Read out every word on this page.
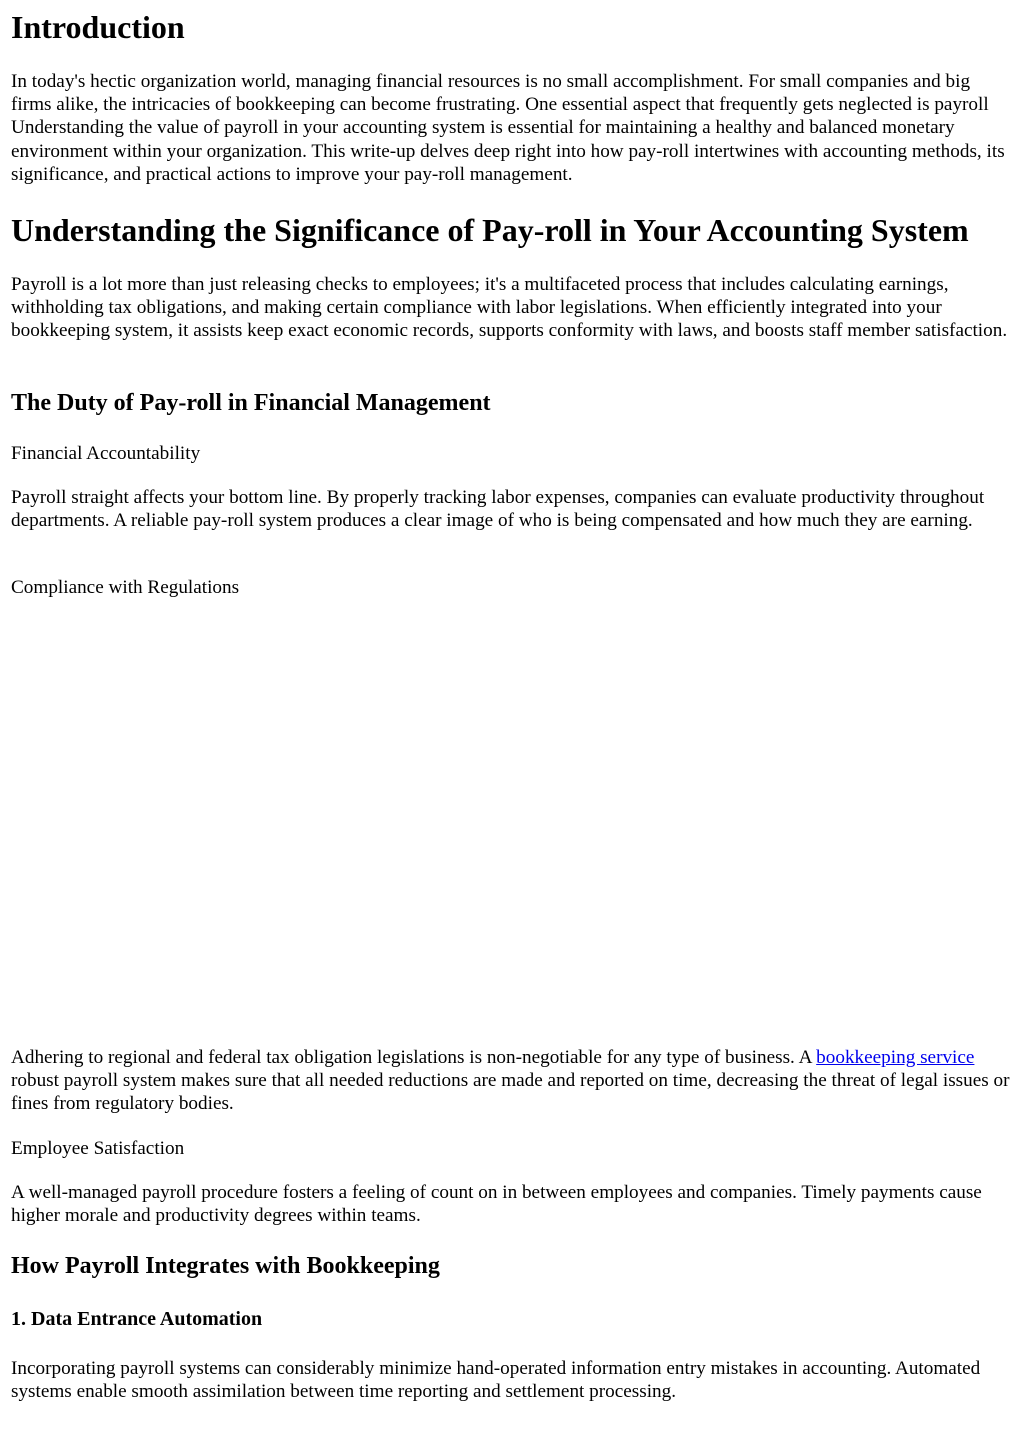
Introduction

In today's hectic organization world, managing financial resources is no small accomplishment. For small companies and big firms alike, the intricacies of bookkeeping can become frustrating. One essential aspect that frequently gets neglected is payroll Understanding the value of payroll in your accounting system is essential for maintaining a healthy and balanced monetary environment within your organization. This write-up delves deep right into how pay-roll intertwines with accounting methods, its significance, and practical actions to improve your pay-roll management.

Understanding the Significance of Pay-roll in Your Accounting System

Payroll is a lot more than just releasing checks to employees; it's a multifaceted process that includes calculating earnings, withholding tax obligations, and making certain compliance with labor legislations. When efficiently integrated into your bookkeeping system, it assists keep exact economic records, supports conformity with laws, and boosts staff member satisfaction.

The Duty of Pay-roll in Financial Management

Financial Accountability

Payroll straight affects your bottom line. By properly tracking labor expenses, companies can evaluate productivity throughout departments. A reliable pay-roll system produces a clear image of who is being compensated and how much they are earning.

Compliance with Regulations

Adhering to regional and federal tax obligation legislations is non-negotiable for any type of business. A bookkeeping service robust payroll system makes sure that all needed reductions are made and reported on time, decreasing the threat of legal issues or fines from regulatory bodies.

Employee Satisfaction

A well-managed payroll procedure fosters a feeling of count on in between employees and companies. Timely payments cause higher morale and productivity degrees within teams.

How Payroll Integrates with Bookkeeping
1. Data Entrance Automation

Incorporating payroll systems can considerably minimize hand-operated information entry mistakes in accounting. Automated systems enable smooth assimilation between time reporting and settlement processing.
